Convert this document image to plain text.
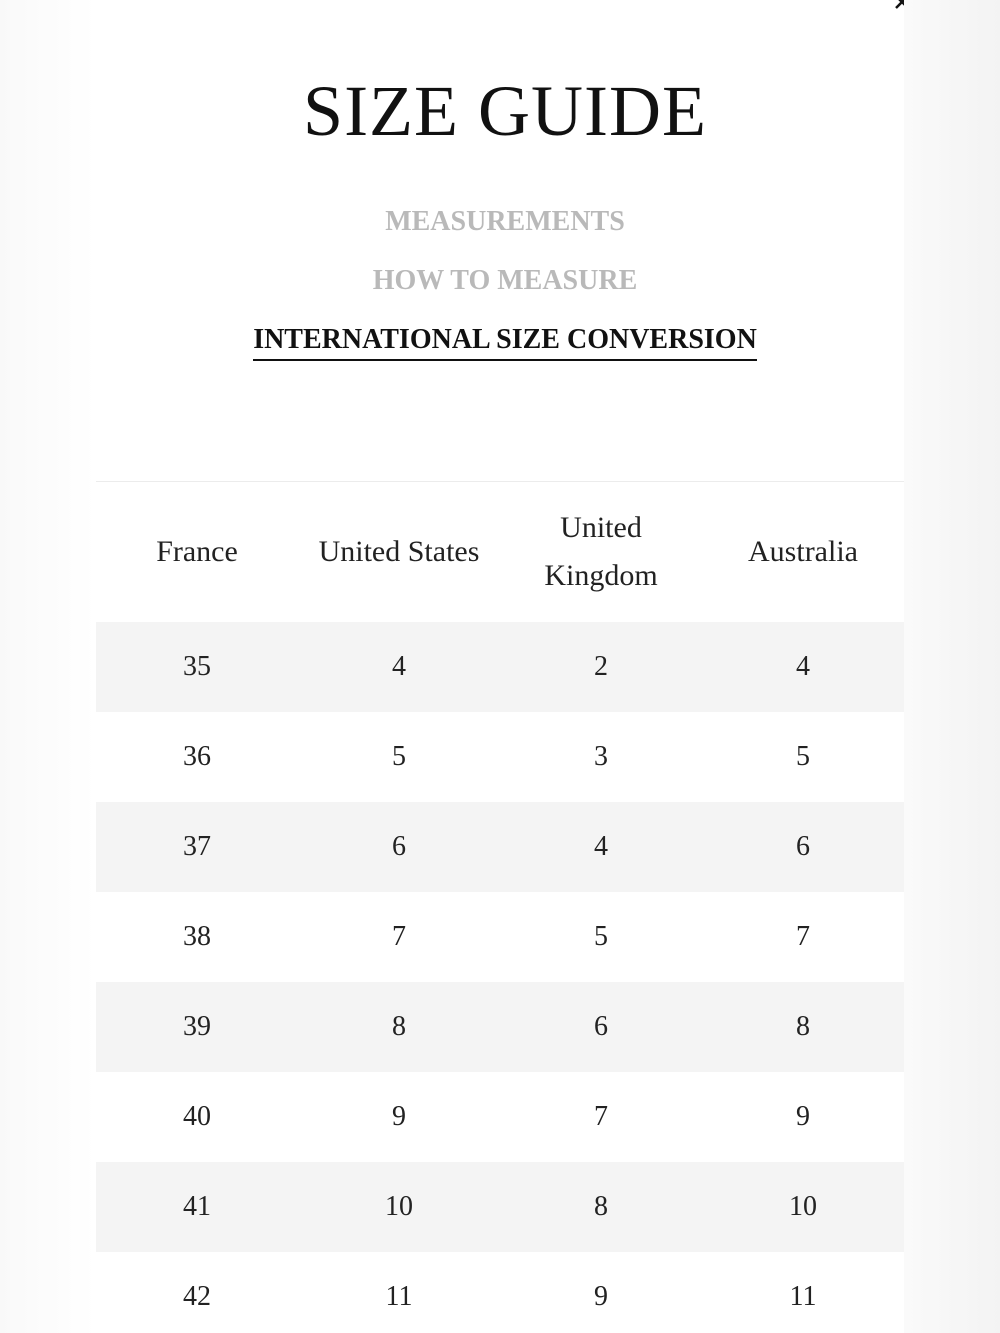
SIZE GUIDE
MEASUREMENTS
HOW TO MEASURE
INTERNATIONAL SIZE CONVERSION
France	United States	United Kingdom	Australia
35	4	2	4
36	5	3	5
37	6	4	6
38	7	5	7
39	8	6	8
40	9	7	9
41	10	8	10
42	11	9	11
